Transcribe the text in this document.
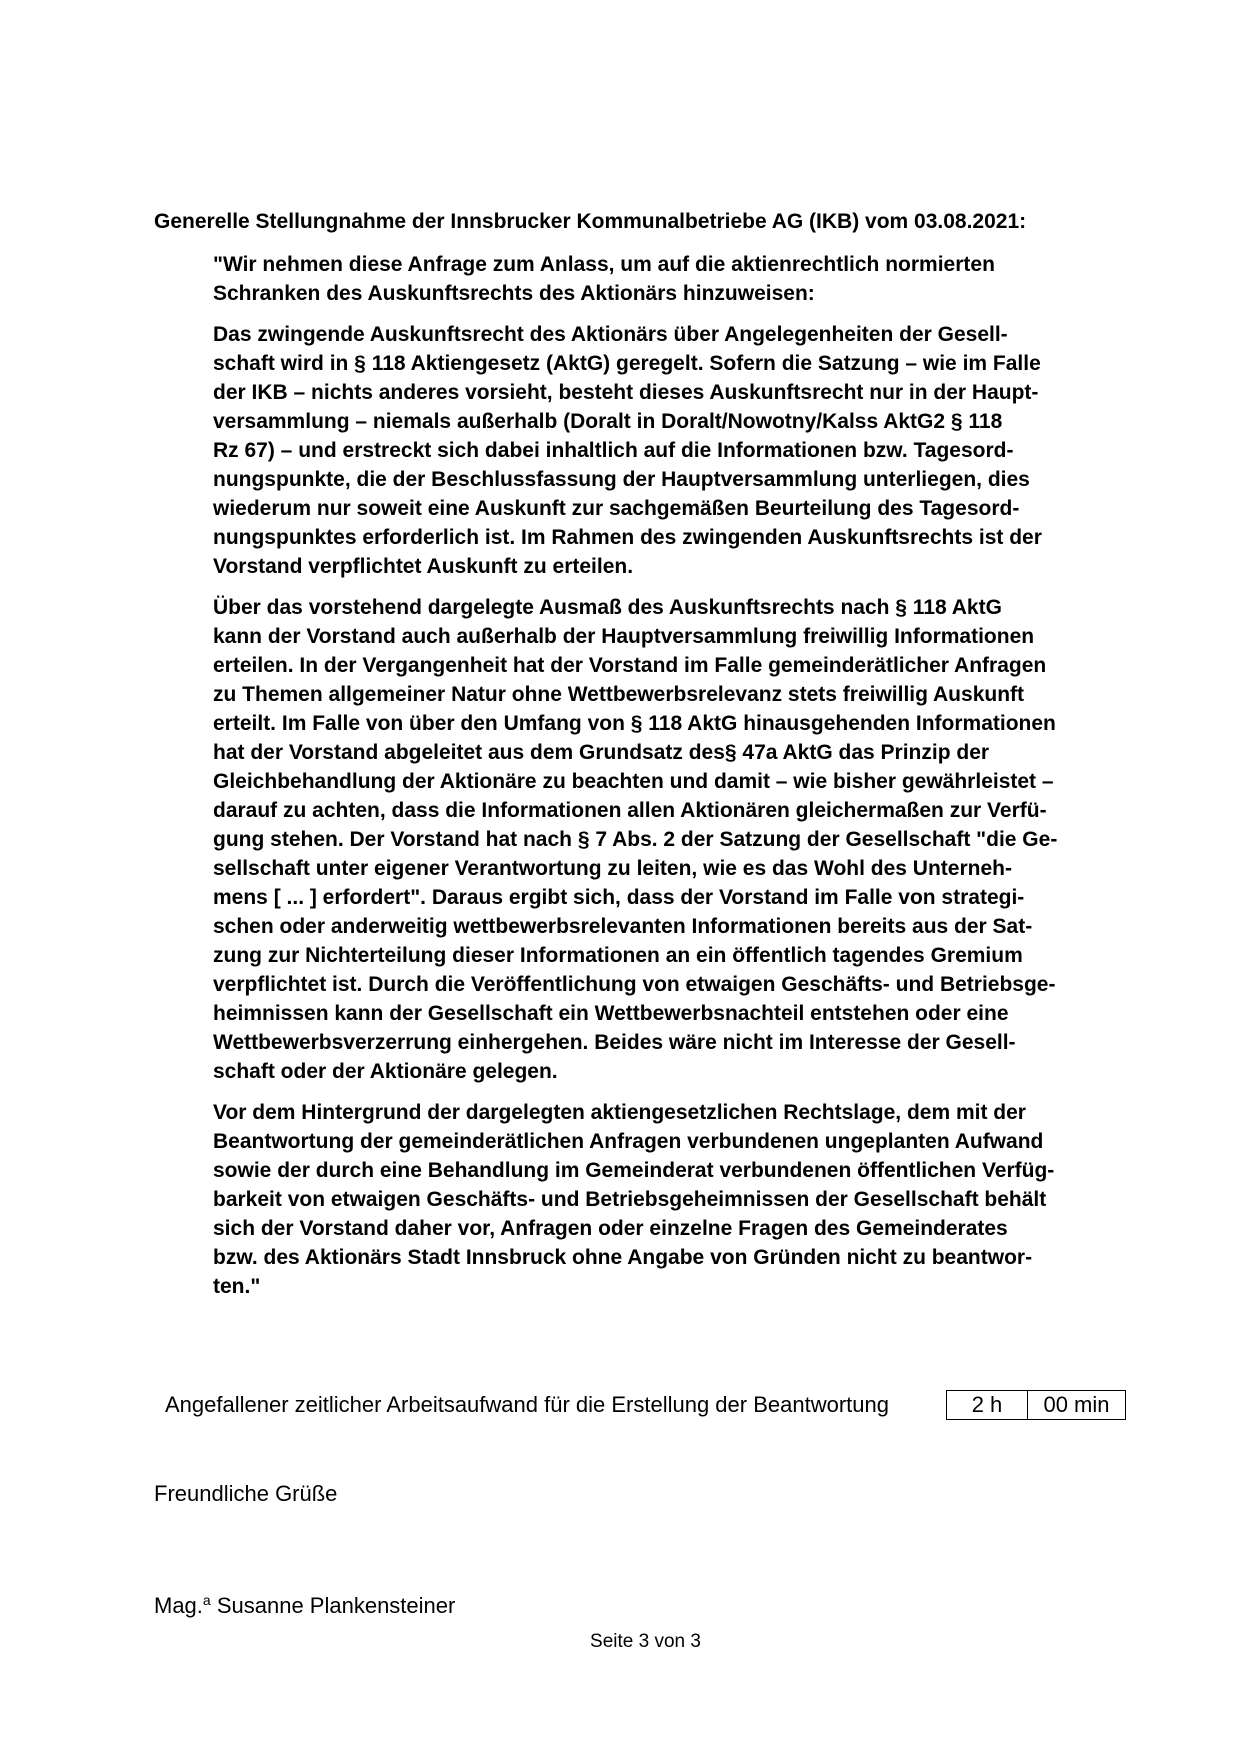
Generelle Stellungnahme der Innsbrucker Kommunalbetriebe AG (IKB) vom 03.08.2021:

"Wir nehmen diese Anfrage zum Anlass, um auf die aktienrechtlich normierten
Schranken des Auskunftsrechts des Aktionärs hinzuweisen:

Das zwingende Auskunftsrecht des Aktionärs über Angelegenheiten der Gesell-
schaft wird in § 118 Aktiengesetz (AktG) geregelt. Sofern die Satzung – wie im Falle
der IKB – nichts anderes vorsieht, besteht dieses Auskunftsrecht nur in der Haupt-
versammlung – niemals außerhalb (Doralt in Doralt/Nowotny/Kalss AktG2 § 118
Rz 67) – und erstreckt sich dabei inhaltlich auf die Informationen bzw. Tagesord-
nungspunkte, die der Beschlussfassung der Hauptversammlung unterliegen, dies
wiederum nur soweit eine Auskunft zur sachgemäßen Beurteilung des Tagesord-
nungspunktes erforderlich ist. Im Rahmen des zwingenden Auskunftsrechts ist der
Vorstand verpflichtet Auskunft zu erteilen.

Über das vorstehend dargelegte Ausmaß des Auskunftsrechts nach § 118 AktG
kann der Vorstand auch außerhalb der Hauptversammlung freiwillig Informationen
erteilen. In der Vergangenheit hat der Vorstand im Falle gemeinderätlicher Anfragen
zu Themen allgemeiner Natur ohne Wettbewerbsrelevanz stets freiwillig Auskunft
erteilt. Im Falle von über den Umfang von § 118 AktG hinausgehenden Informationen
hat der Vorstand abgeleitet aus dem Grundsatz des§ 47a AktG das Prinzip der
Gleichbehandlung der Aktionäre zu beachten und damit – wie bisher gewährleistet –
darauf zu achten, dass die Informationen allen Aktionären gleichermaßen zur Verfü-
gung stehen. Der Vorstand hat nach § 7 Abs. 2 der Satzung der Gesellschaft "die Ge-
sellschaft unter eigener Verantwortung zu leiten, wie es das Wohl des Unterneh-
mens [ ... ] erfordert". Daraus ergibt sich, dass der Vorstand im Falle von strategi-
schen oder anderweitig wettbewerbsrelevanten Informationen bereits aus der Sat-
zung zur Nichterteilung dieser Informationen an ein öffentlich tagendes Gremium
verpflichtet ist. Durch die Veröffentlichung von etwaigen Geschäfts- und Betriebsge-
heimnissen kann der Gesellschaft ein Wettbewerbsnachteil entstehen oder eine
Wettbewerbsverzerrung einhergehen. Beides wäre nicht im Interesse der Gesell-
schaft oder der Aktionäre gelegen.

Vor dem Hintergrund der dargelegten aktiengesetzlichen Rechtslage, dem mit der
Beantwortung der gemeinderätlichen Anfragen verbundenen ungeplanten Aufwand
sowie der durch eine Behandlung im Gemeinderat verbundenen öffentlichen Verfüg-
barkeit von etwaigen Geschäfts- und Betriebsgeheimnissen der Gesellschaft behält
sich der Vorstand daher vor, Anfragen oder einzelne Fragen des Gemeinderates
bzw. des Aktionärs Stadt Innsbruck ohne Angabe von Gründen nicht zu beantwor-
ten."

Angefallener zeitlicher Arbeitsaufwand für die Erstellung der Beantwortung	2 h	00 min
Freundliche Grüße
Mag.$^a$ Susanne Plankensteiner
Seite 3 von 3
